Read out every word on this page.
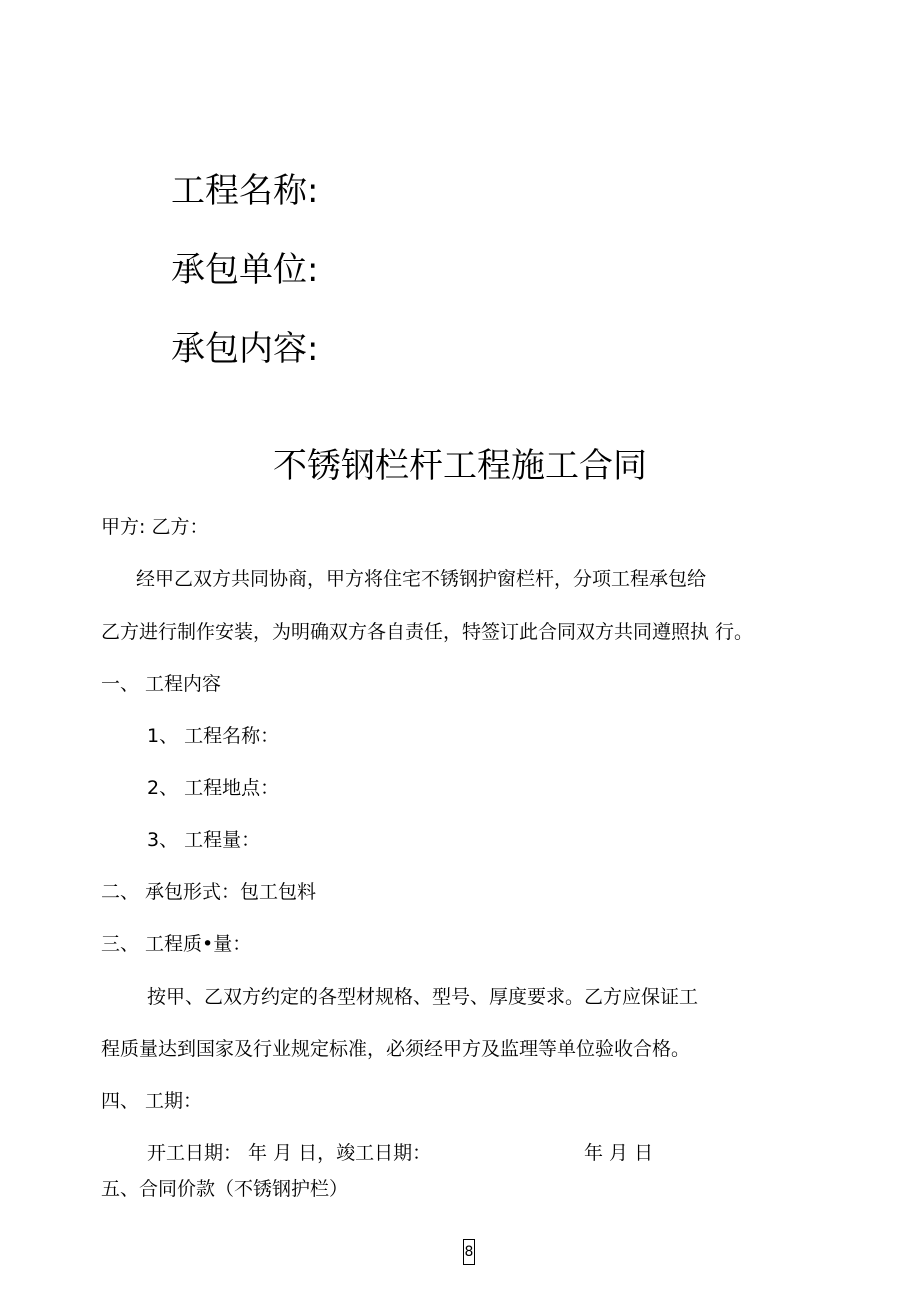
工程名称:
承包单位:
承包内容:
不锈钢栏杆工程施工合同
甲方: 乙方：
经甲乙双方共同协商，甲方将住宅不锈钢护窗栏杆，分项工程承包给
乙方进行制作安装，为明确双方各自责任，特签订此合同双方共同遵照执 行。
一、 工程内容
1、 工程名称：
2、 工程地点：
3、 工程量：
二、 承包形式：包工包料
三、 工程质•量：
按甲、乙双方约定的各型材规格、型号、厚度要求。乙方应保证工
程质量达到国家及行业规定标准，必须经甲方及监理等单位验收合格。
四、 工期：
开工日期： 年 月 日，竣工日期：	年 月 日
五、合同价款（不锈钢护栏）
8
